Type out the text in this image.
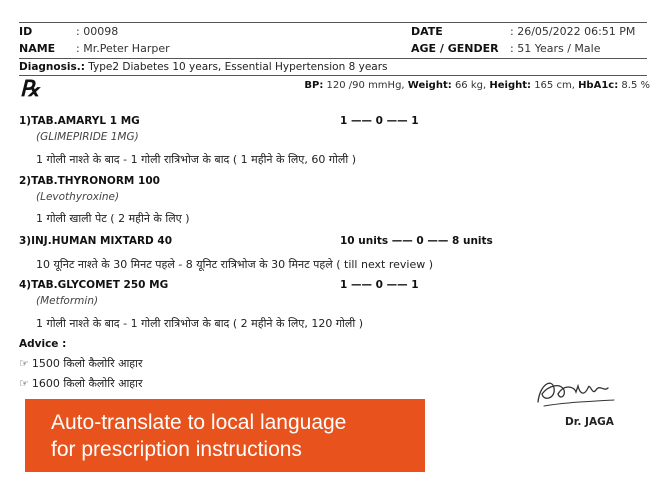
ID	: 00098	DATE	: 26/05/2022 06:51 PM
NAME : Mr.Peter Harper	AGE / GENDER : 51 Years / Male
Diagnosis.: Type2 Diabetes 10 years, Essential Hypertension 8 years
℞	BP: 120 /90 mmHg, Weight: 66 kg, Height: 165 cm, HbA1c: 8.5 %
1)TAB.AMARYL 1 MG	1 —— 0 —— 1
(GLIMEPIRIDE 1MG)
1 गोली नाश्ते के बाद - 1 गोली रात्रिभोज के बाद ( 1 महीने के लिए, 60 गोली )
2)TAB.THYRONORM 100
(Levothyroxine)
1 गोली खाली पेट ( 2 महीने के लिए )
3)INJ.HUMAN MIXTARD 40	10 units —— 0 —— 8 units
10 यूनिट नाश्ते के 30 मिनट पहले - 8 यूनिट रात्रिभोज के 30 मिनट पहले ( till next review )
4)TAB.GLYCOMET 250 MG	1 —— 0 —— 1
(Metformin)
1 गोली नाश्ते के बाद - 1 गोली रात्रिभोज के बाद ( 2 महीने के लिए, 120 गोली )
Advice :
☞ 1500 किलो कैलोरि आहार
☞ 1600 किलो कैलोरि आहार
Dr. JAGA
Auto-translate to local language
for prescription instructions
